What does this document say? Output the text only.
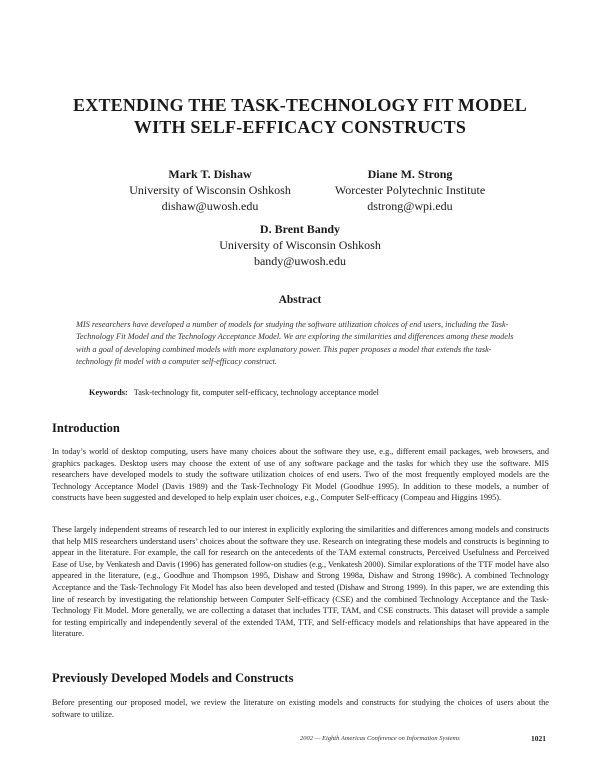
EXTENDING THE TASK-TECHNOLOGY FIT MODEL
WITH SELF-EFFICACY CONSTRUCTS
Mark T. Dishaw
University of Wisconsin Oshkosh
dishaw@uwosh.edu
Diane M. Strong
Worcester Polytechnic Institute
dstrong@wpi.edu
D. Brent Bandy
University of Wisconsin Oshkosh
bandy@uwosh.edu
Abstract
MIS researchers have developed a number of models for studying the software utilization choices of end users, including the Task-Technology Fit Model and the Technology Acceptance Model. We are exploring the similarities and differences among these models with a goal of developing combined models with more explanatory power. This paper proposes a model that extends the task-technology fit model with a computer self-efficacy construct.
Keywords: Task-technology fit, computer self-efficacy, technology acceptance model
Introduction
In today’s world of desktop computing, users have many choices about the software they use, e.g., different email packages, web browsers, and graphics packages. Desktop users may choose the extent of use of any software package and the tasks for which they use the software. MIS researchers have developed models to study the software utilization choices of end users. Two of the most frequently employed models are the Technology Acceptance Model (Davis 1989) and the Task-Technology Fit Model (Goodhue 1995). In addition to these models, a number of constructs have been suggested and developed to help explain user choices, e.g., Computer Self-efficacy (Compeau and Higgins 1995).
These largely independent streams of research led to our interest in explicitly exploring the similarities and differences among models and constructs that help MIS researchers understand users’ choices about the software they use. Research on integrating these models and constructs is beginning to appear in the literature. For example, the call for research on the antecedents of the TAM external constructs, Perceived Usefulness and Perceived Ease of Use, by Venkatesh and Davis (1996) has generated follow-on studies (e.g., Venkatesh 2000). Similar explorations of the TTF model have also appeared in the literature, (e.g., Goodhue and Thompson 1995, Dishaw and Strong 1998a, Dishaw and Strong 1998c). A combined Technology Acceptance and the Task-Technology Fit Model has also been developed and tested (Dishaw and Strong 1999). In this paper, we are extending this line of research by investigating the relationship between Computer Self-efficacy (CSE) and the combined Technology Acceptance and the Task-Technology Fit Model. More generally, we are collecting a dataset that includes TTF, TAM, and CSE constructs. This dataset will provide a sample for testing empirically and independently several of the extended TAM, TTF, and Self-efficacy models and relationships that have appeared in the literature.
Previously Developed Models and Constructs
Before presenting our proposed model, we review the literature on existing models and constructs for studying the choices of users about the software to utilize.
2002 — Eighth Americas Conference on Information Systems	1021
